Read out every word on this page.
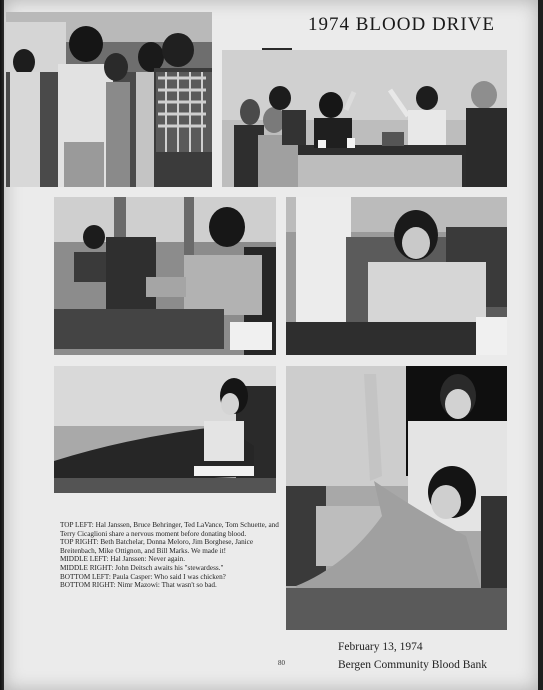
1974 BLOOD DRIVE
TOP LEFT: Hal Janssen, Bruce Behringer, Ted LaVance, Tom Schuette, and Terry Cicaglioni share a nervous moment before donating blood.
TOP RIGHT: Beth Batchelar, Donna Meloro, Jim Borghese, Janice Breitenbach, Mike Ottignon, and Bill Marks. We made it!
MIDDLE LEFT: Hal Janssen: Never again.
MIDDLE RIGHT: John Deitsch awaits his "stewardess."
BOTTOM LEFT: Paula Casper: Who said I was chicken?
BOTTOM RIGHT: Nimr Mazowi: That wasn't so bad.
80
February 13, 1974
Bergen Community Blood Bank
